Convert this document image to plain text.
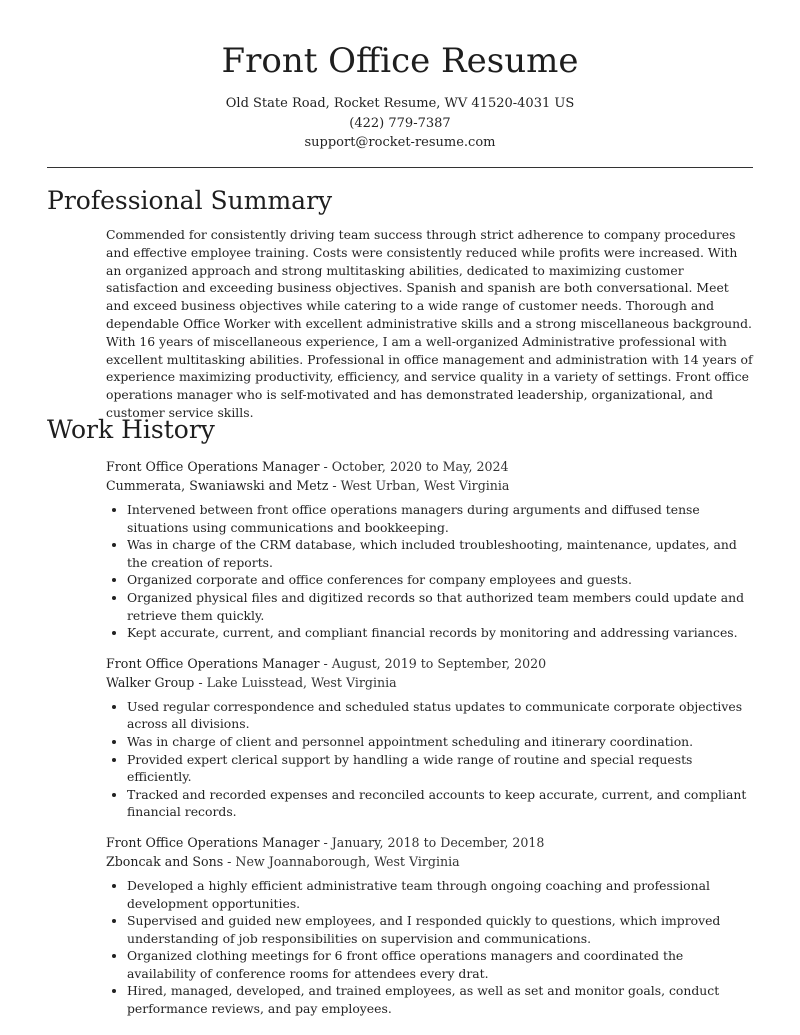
Front Office Resume
Old State Road, Rocket Resume, WV 41520-4031 US
(422) 779-7387
support@rocket-resume.com
Professional Summary

Commended for consistently driving team success through strict adherence to company procedures and effective employee training. Costs were consistently reduced while profits were increased. With an organized approach and strong multitasking abilities, dedicated to maximizing customer satisfaction and exceeding business objectives. Spanish and spanish are both conversational. Meet and exceed business objectives while catering to a wide range of customer needs. Thorough and dependable Office Worker with excellent administrative skills and a strong miscellaneous background. With 16 years of miscellaneous experience, I am a well-organized Administrative professional with excellent multitasking abilities. Professional in office management and administration with 14 years of experience maximizing productivity, efficiency, and service quality in a variety of settings. Front office operations manager who is self-motivated and has demonstrated leadership, organizational, and customer service skills.

Work History
Front Office Operations Manager - October, 2020 to May, 2024
Cummerata, Swaniawski and Metz - West Urban, West Virginia
• Intervened between front office operations managers during arguments and diffused tense situations using communications and bookkeeping.
• Was in charge of the CRM database, which included troubleshooting, maintenance, updates, and the creation of reports.
• Organized corporate and office conferences for company employees and guests.
• Organized physical files and digitized records so that authorized team members could update and retrieve them quickly.
• Kept accurate, current, and compliant financial records by monitoring and addressing variances.
Front Office Operations Manager - August, 2019 to September, 2020
Walker Group - Lake Luisstead, West Virginia
• Used regular correspondence and scheduled status updates to communicate corporate objectives across all divisions.
• Was in charge of client and personnel appointment scheduling and itinerary coordination.
• Provided expert clerical support by handling a wide range of routine and special requests efficiently.
• Tracked and recorded expenses and reconciled accounts to keep accurate, current, and compliant financial records.
Front Office Operations Manager - January, 2018 to December, 2018
Zboncak and Sons - New Joannaborough, West Virginia
• Developed a highly efficient administrative team through ongoing coaching and professional development opportunities.
• Supervised and guided new employees, and I responded quickly to questions, which improved understanding of job responsibilities on supervision and communications.
• Organized clothing meetings for 6 front office operations managers and coordinated the availability of conference rooms for attendees every drat.
• Hired, managed, developed, and trained employees, as well as set and monitor goals, conduct performance reviews, and pay employees.
